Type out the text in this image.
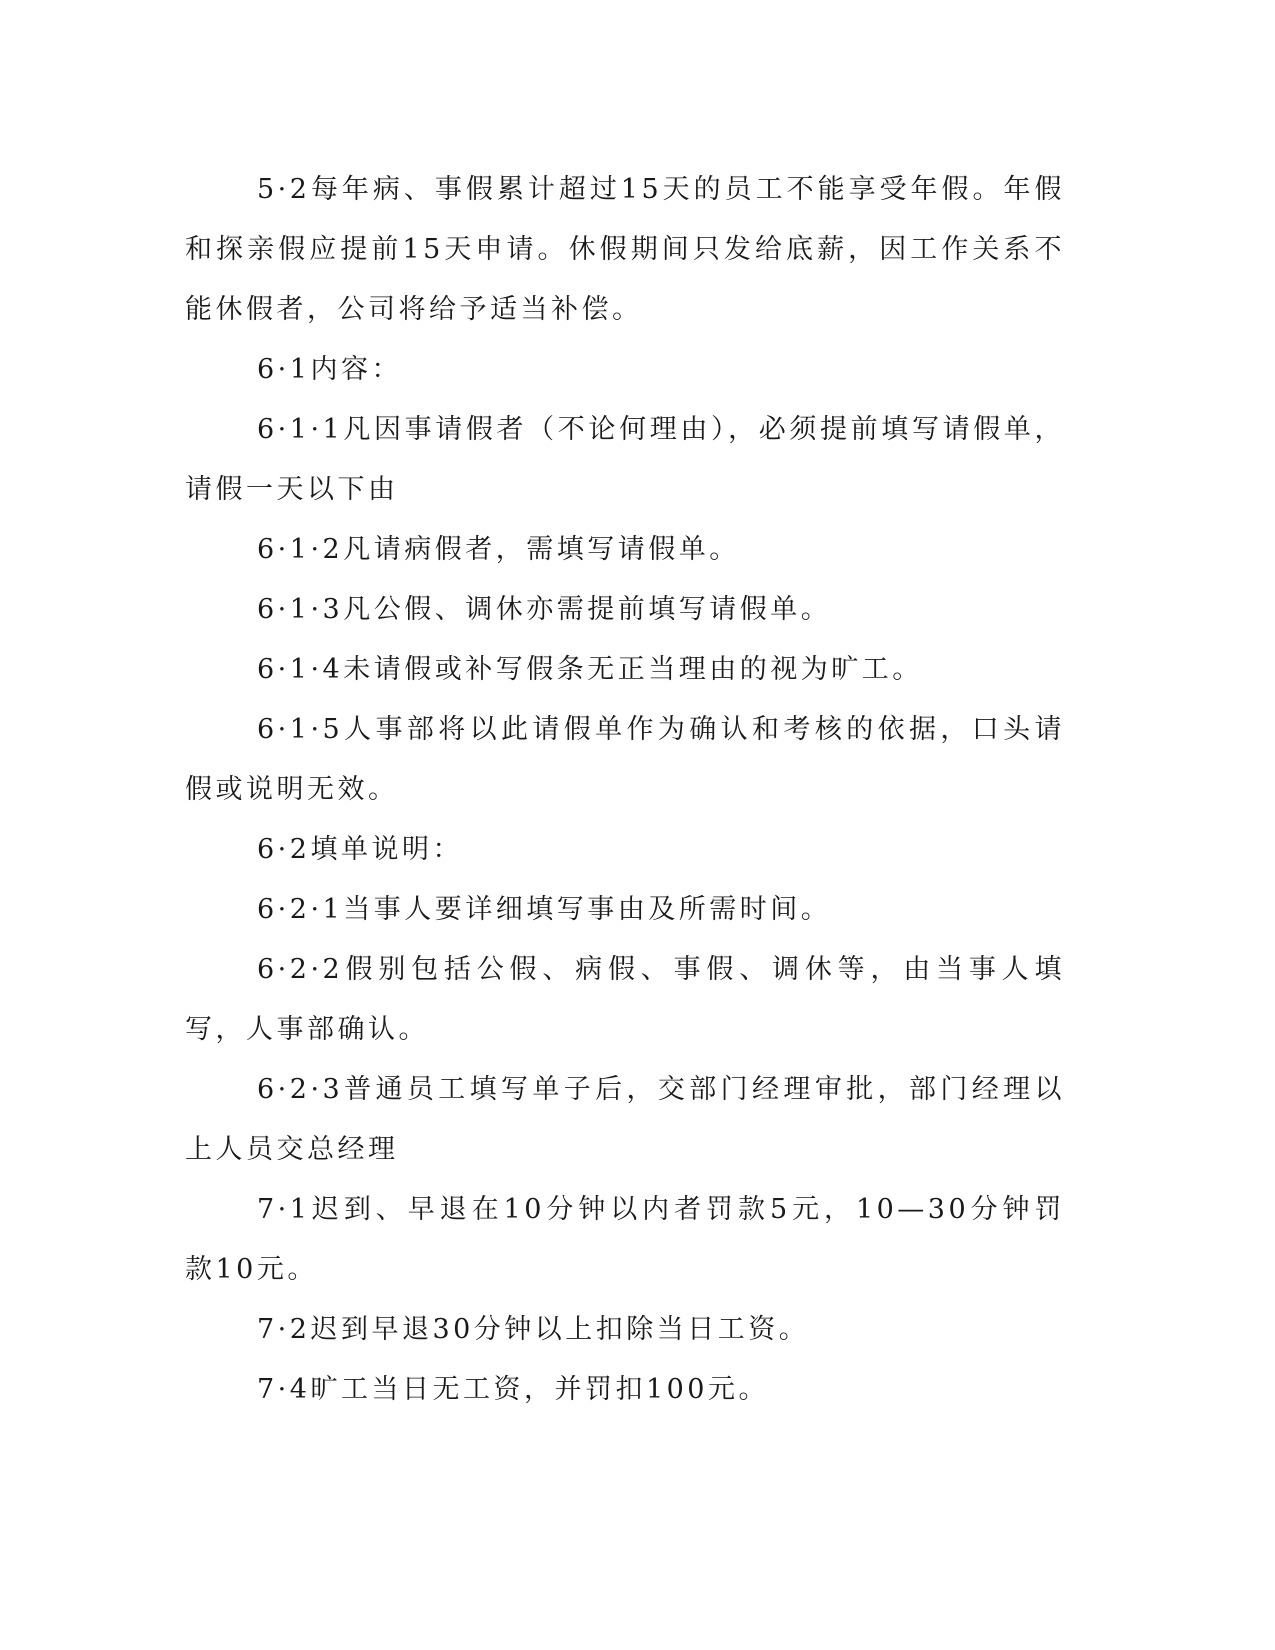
5·2每年病、事假累计超过15天的员工不能享受年假。年假和探亲假应提前15天申请。休假期间只发给底薪，因工作关系不能休假者，公司将给予适当补偿。

6·1内容：

6·1·1凡因事请假者（不论何理由），必须提前填写请假单，请假一天以下由

6·1·2凡请病假者，需填写请假单。

6·1·3凡公假、调休亦需提前填写请假单。

6·1·4未请假或补写假条无正当理由的视为旷工。

6·1·5人事部将以此请假单作为确认和考核的依据，口头请假或说明无效。

6·2填单说明：

6·2·1当事人要详细填写事由及所需时间。

6·2·2假别包括公假、病假、事假、调休等，由当事人填写，人事部确认。

6·2·3普通员工填写单子后，交部门经理审批，部门经理以上人员交总经理

7·1迟到、早退在10分钟以内者罚款5元，10—30分钟罚款10元。

7·2迟到早退30分钟以上扣除当日工资。

7·4旷工当日无工资，并罚扣100元。
